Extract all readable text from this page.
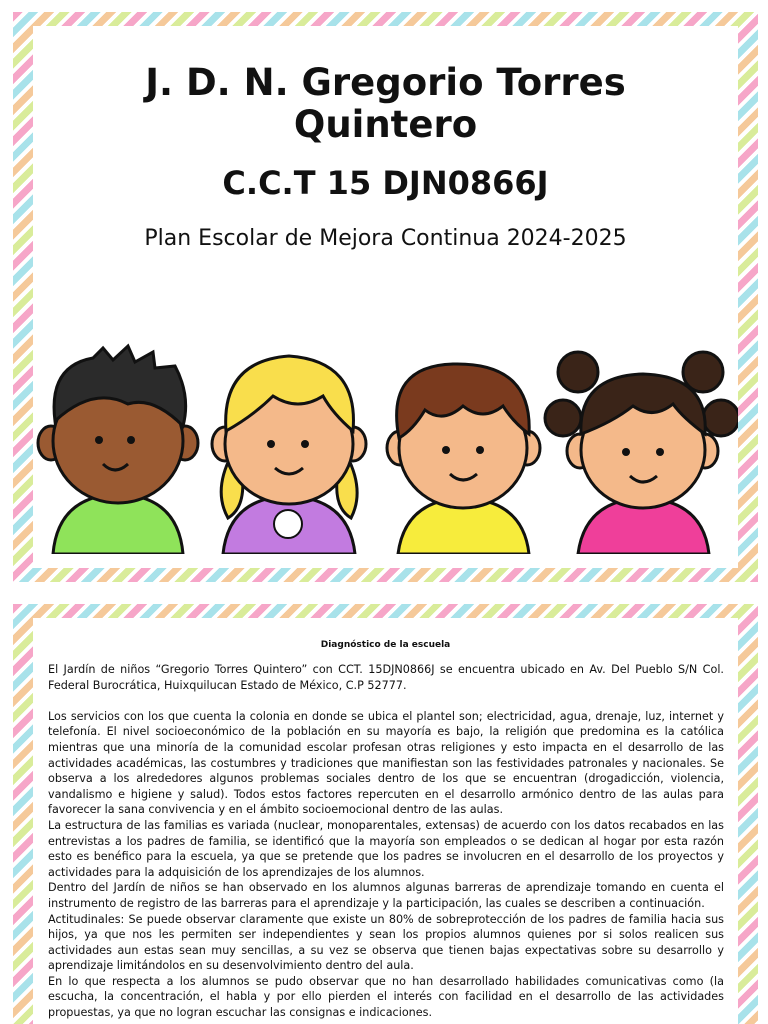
J. D. N. Gregorio Torres
Quintero
C.C.T 15 DJN0866J
Plan Escolar de Mejora Continua 2024-2025
Diagnóstico de la escuela

El Jardín de niños “Gregorio Torres Quintero” con CCT. 15DJN0866J se encuentra ubicado en Av. Del Pueblo S/N Col. Federal Burocrática, Huixquilucan Estado de México, C.P 52777.

Los servicios con los que cuenta la colonia en donde se ubica el plantel son; electricidad, agua, drenaje, luz, internet y telefonía. El nivel socioeconómico de la población en su mayoría es bajo, la religión que predomina es la católica mientras que una minoría de la comunidad escolar profesan otras religiones y esto impacta en el desarrollo de las actividades académicas, las costumbres y tradiciones que manifiestan son las festividades patronales y nacionales. Se observa a los alrededores algunos problemas sociales dentro de los que se encuentran (drogadicción, violencia, vandalismo e higiene y salud). Todos estos factores repercuten en el desarrollo armónico dentro de las aulas para favorecer la sana convivencia y en el ámbito socioemocional dentro de las aulas.

La estructura de las familias es variada (nuclear, monoparentales, extensas) de acuerdo con los datos recabados en las entrevistas a los padres de familia, se identificó que la mayoría son empleados o se dedican al hogar por esta razón esto es benéfico para la escuela, ya que se pretende que los padres se involucren en el desarrollo de los proyectos y actividades para la adquisición de los aprendizajes de los alumnos.

Dentro del Jardín de niños se han observado en los alumnos algunas barreras de aprendizaje tomando en cuenta el instrumento de registro de las barreras para el aprendizaje y la participación, las cuales se describen a continuación.

Actitudinales: Se puede observar claramente que existe un 80% de sobreprotección de los padres de familia hacia sus hijos, ya que nos les permiten ser independientes y sean los propios alumnos quienes por si solos realicen sus actividades aun estas sean muy sencillas, a su vez se observa que tienen bajas expectativas sobre su desarrollo y aprendizaje limitándolos en su desenvolvimiento dentro del aula.

En lo que respecta a los alumnos se pudo observar que no han desarrollado habilidades comunicativas como (la escucha, la concentración, el habla y por ello pierden el interés con facilidad en el desarrollo de las actividades propuestas, ya que no logran escuchar las consignas e indicaciones.
